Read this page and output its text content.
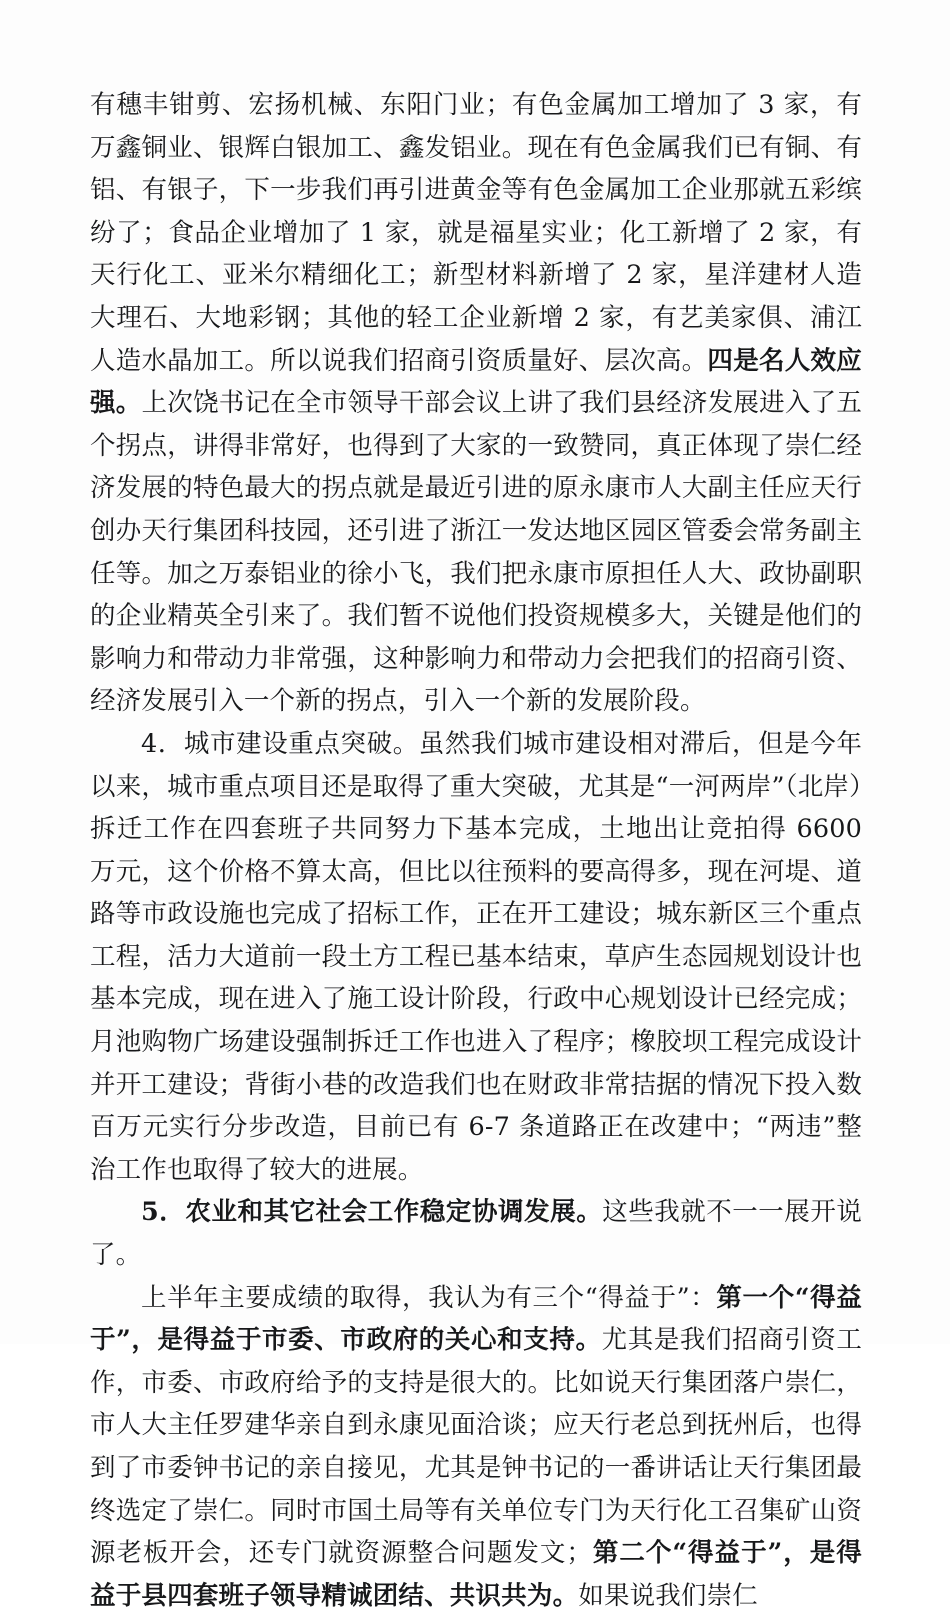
有穗丰钳剪、宏扬机械、东阳门业；有色金属加工增加了 3 家，有万鑫铜业、银辉白银加工、鑫发铝业。现在有色金属我们已有铜、有铝、有银子，下一步我们再引进黄金等有色金属加工企业那就五彩缤纷了；食品企业增加了 1 家，就是福星实业；化工新增了 2 家，有天行化工、亚米尔精细化工；新型材料新增了 2 家，星洋建材人造大理石、大地彩钢；其他的轻工企业新增 2 家，有艺美家俱、浦江人造水晶加工。所以说我们招商引资质量好、层次高。四是名人效应强。上次饶书记在全市领导干部会议上讲了我们县经济发展进入了五个拐点，讲得非常好，也得到了大家的一致赞同，真正体现了崇仁经济发展的特色最大的拐点就是最近引进的原永康市人大副主任应天行创办天行集团科技园，还引进了浙江一发达地区园区管委会常务副主任等。加之万泰铝业的徐小飞，我们把永康市原担任人大、政协副职的企业精英全引来了。我们暂不说他们投资规模多大，关键是他们的影响力和带动力非常强，这种影响力和带动力会把我们的招商引资、经济发展引入一个新的拐点，引入一个新的发展阶段。

4．城市建设重点突破。虽然我们城市建设相对滞后，但是今年以来，城市重点项目还是取得了重大突破，尤其是“一河两岸”（北岸）拆迁工作在四套班子共同努力下基本完成，土地出让竞拍得 6600 万元，这个价格不算太高，但比以往预料的要高得多，现在河堤、道路等市政设施也完成了招标工作，正在开工建设；城东新区三个重点工程，活力大道前一段土方工程已基本结束，草庐生态园规划设计也基本完成，现在进入了施工设计阶段，行政中心规划设计已经完成；月池购物广场建设强制拆迁工作也进入了程序；橡胶坝工程完成设计并开工建设；背街小巷的改造我们也在财政非常拮据的情况下投入数百万元实行分步改造，目前已有 6-7 条道路正在改建中；“两违”整治工作也取得了较大的进展。

5．农业和其它社会工作稳定协调发展。这些我就不一一展开说了。

上半年主要成绩的取得，我认为有三个“得益于”：第一个“得益于”，是得益于市委、市政府的关心和支持。尤其是我们招商引资工作，市委、市政府给予的支持是很大的。比如说天行集团落户崇仁，市人大主任罗建华亲自到永康见面洽谈；应天行老总到抚州后，也得到了市委钟书记的亲自接见，尤其是钟书记的一番讲话让天行集团最终选定了崇仁。同时市国土局等有关单位专门为天行化工召集矿山资源老板开会，还专门就资源整合问题发文；第二个“得益于”，是得益于县四套班子领导精诚团结、共识共为。如果说我们崇仁
